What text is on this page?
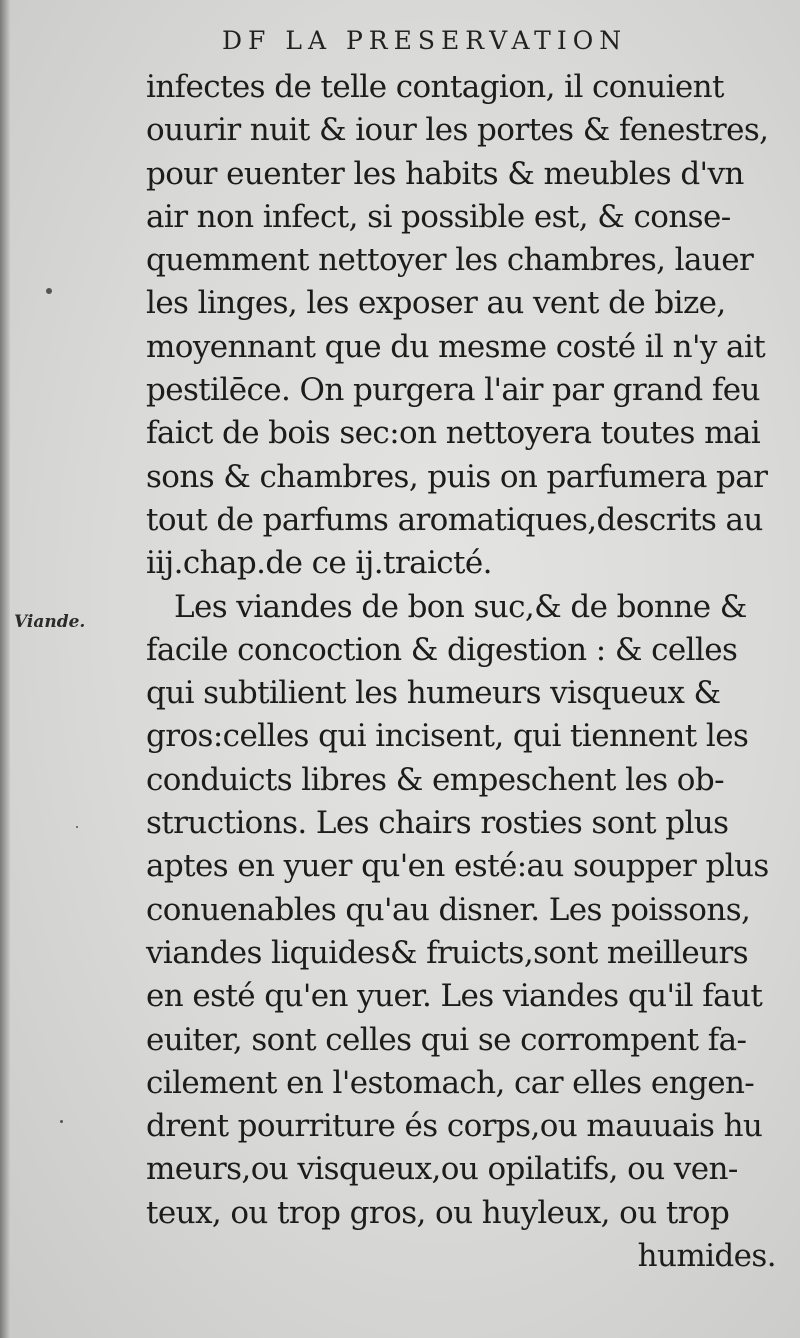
DF LA PRESERVATION
Viande.
infectes de telle contagion, il conuient
ouurir nuit & iour les portes & fenestres,
pour euenter les habits & meubles d'vn
air non infect, si possible est, & conse-
quemment nettoyer les chambres, lauer
les linges, les exposer au vent de bize,
moyennant que du mesme costé il n'y ait
pestilēce. On purgera l'air par grand feu
faict de bois sec:on nettoyera toutes mai
sons & chambres, puis on parfumera par
tout de parfums aromatiques,descrits au
iij.chap.de ce ij.traicté.
Les viandes de bon suc,& de bonne &
facile concoction & digestion : & celles
qui subtilient les humeurs visqueux &
gros:celles qui incisent, qui tiennent les
conduicts libres & empeschent les ob-
structions. Les chairs rosties sont plus
aptes en yuer qu'en esté:au soupper plus
conuenables qu'au disner. Les poissons,
viandes liquides& fruicts,sont meilleurs
en esté qu'en yuer. Les viandes qu'il faut
euiter, sont celles qui se corrompent fa-
cilement en l'estomach, car elles engen-
drent pourriture és corps,ou mauuais hu
meurs,ou visqueux,ou opilatifs, ou ven-
teux, ou trop gros, ou huyleux, ou trop
humides.
